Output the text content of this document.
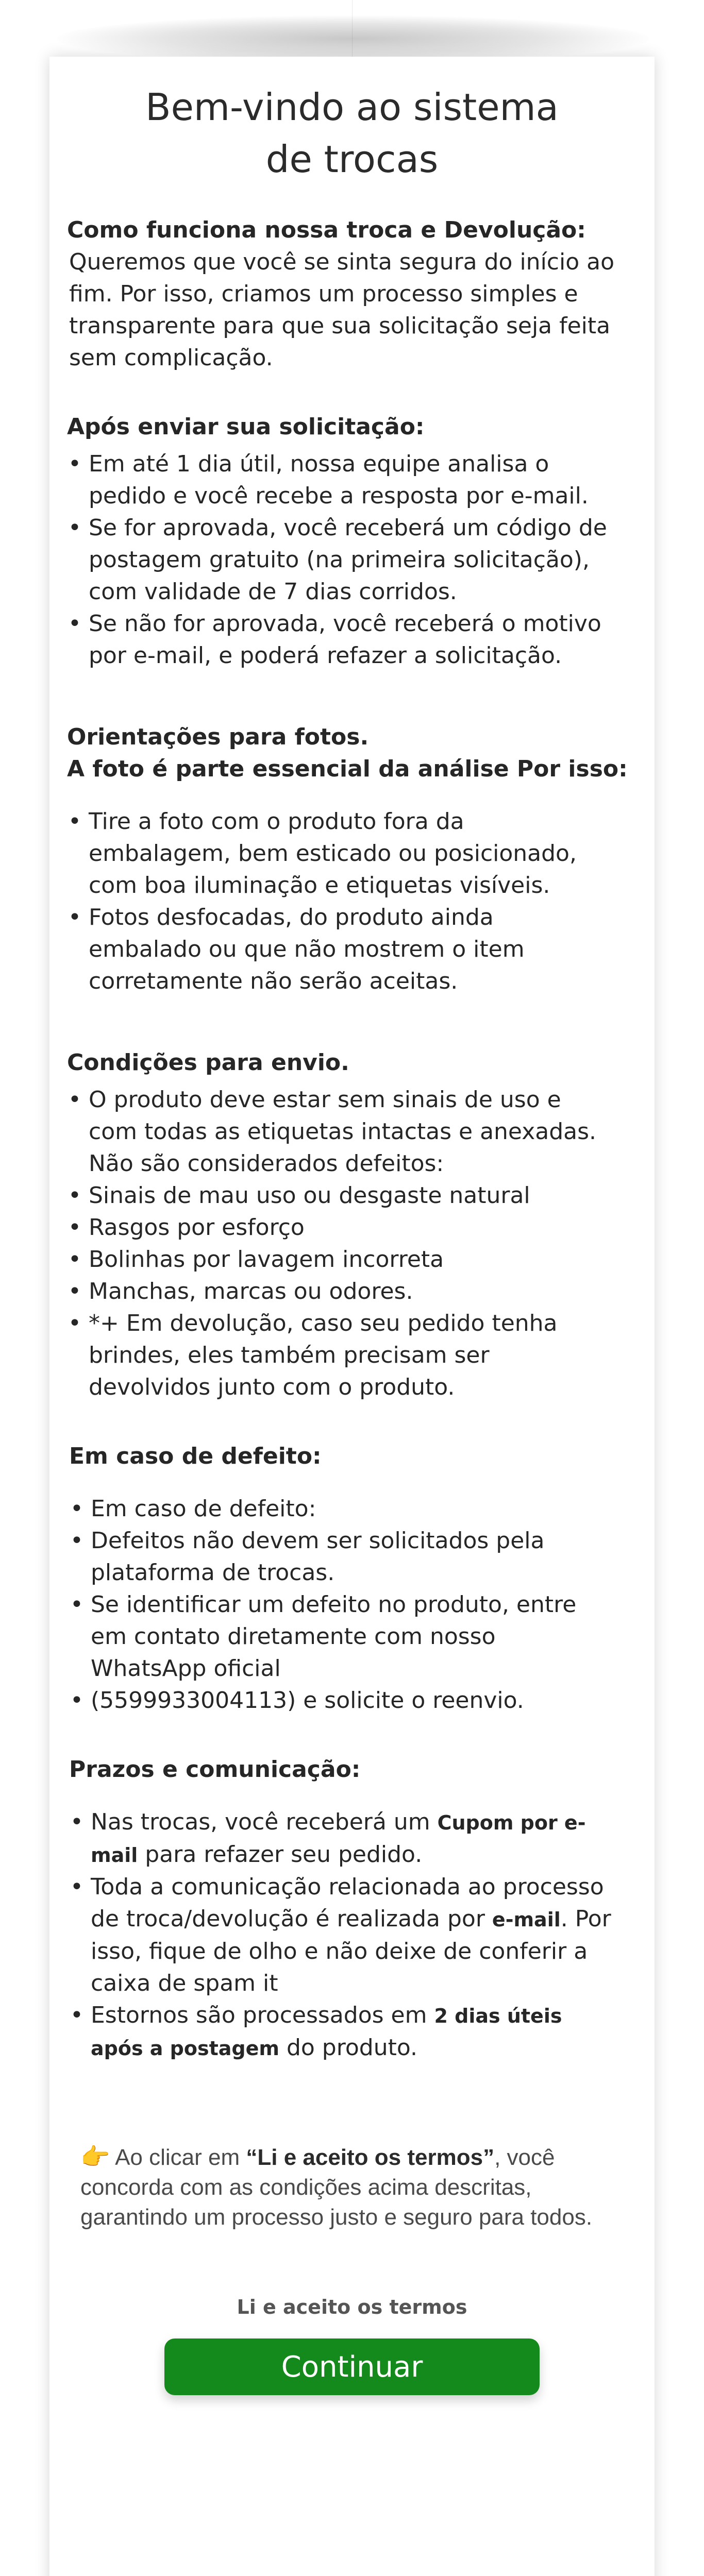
Bem-vindo ao sistema de trocas

Como funciona nossa troca e Devolução:

Queremos que você se sinta segura do início ao fim. Por isso, criamos um processo simples e transparente para que sua solicitação seja feita sem complicação.

Após enviar sua solicitação:

• Em até 1 dia útil, nossa equipe analisa o pedido e você recebe a resposta por e-mail.
• Se for aprovada, você receberá um código de postagem gratuito (na primeira solicitação), com validade de 7 dias corridos.
• Se não for aprovada, você receberá o motivo por e-mail, e poderá refazer a solicitação.

Orientações para fotos.

A foto é parte essencial da análise Por isso:

• Tire a foto com o produto fora da embalagem, bem esticado ou posicionado, com boa iluminação e etiquetas visíveis.
• Fotos desfocadas, do produto ainda embalado ou que não mostrem o item corretamente não serão aceitas.

Condições para envio.

• O produto deve estar sem sinais de uso e com todas as etiquetas intactas e anexadas. Não são considerados defeitos:
• Sinais de mau uso ou desgaste natural
• Rasgos por esforço
• Bolinhas por lavagem incorreta
• Manchas, marcas ou odores.
• *+ Em devolução, caso seu pedido tenha brindes, eles também precisam ser devolvidos junto com o produto.

Em caso de defeito:

• Em caso de defeito:
• Defeitos não devem ser solicitados pela plataforma de trocas.
• Se identificar um defeito no produto, entre em contato diretamente com nosso WhatsApp oficial
• (5599933004113) e solicite o reenvio.

Prazos e comunicação:

• Nas trocas, você receberá um Cupom por e-mail para refazer seu pedido.
• Toda a comunicação relacionada ao processo de troca/devolução é realizada por e-mail. Por isso, fique de olho e não deixe de conferir a caixa de spam it
• Estornos são processados em 2 dias úteis após a postagem do produto.

👉 Ao clicar em “Li e aceito os termos”, você concorda com as condições acima descritas, garantindo um processo justo e seguro para todos.

Li e aceito os termos
Continuar
